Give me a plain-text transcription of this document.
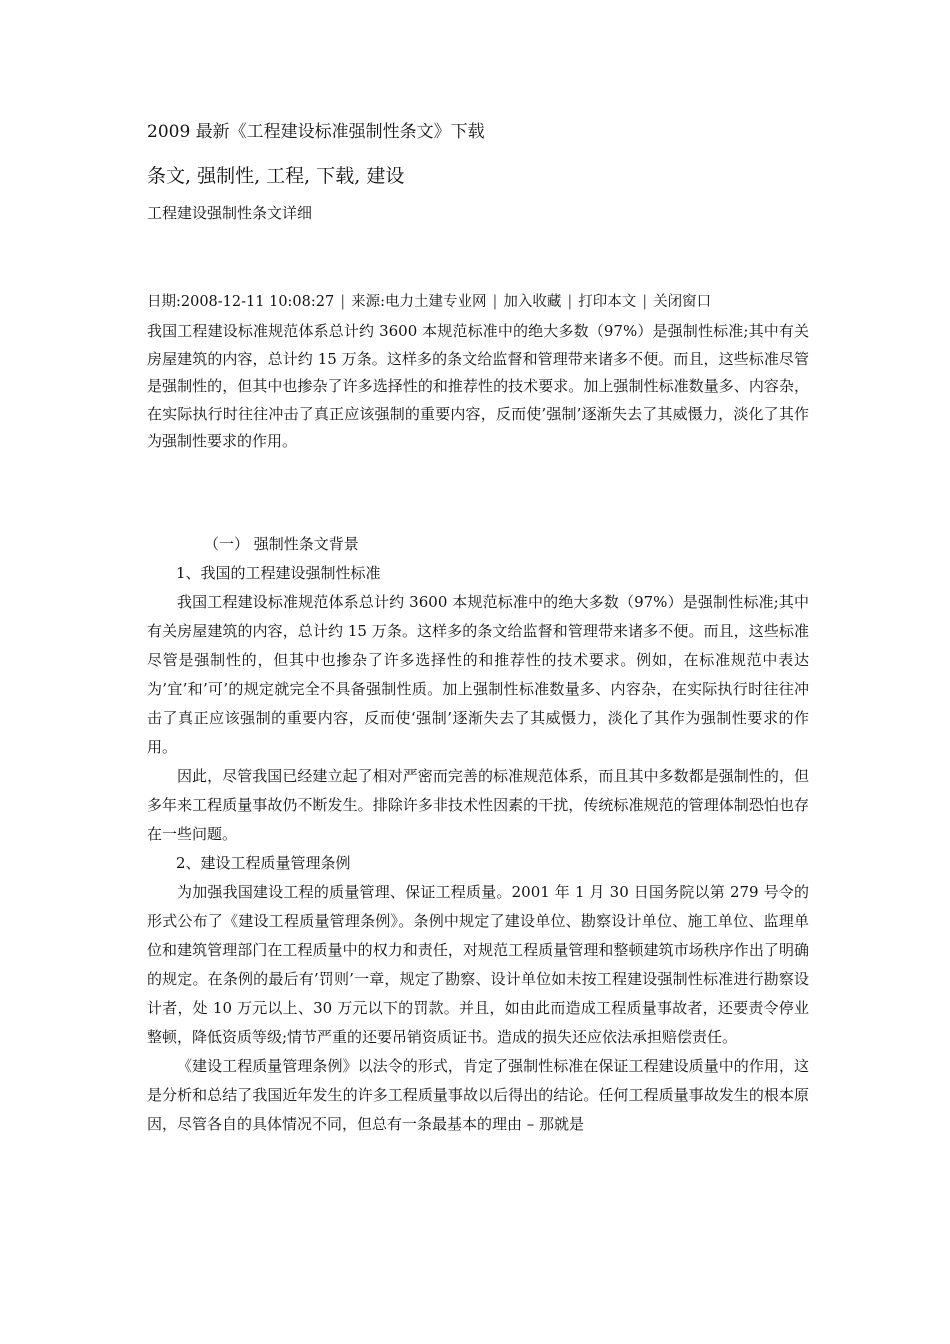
2009 最新《工程建设标准强制性条文》下载
条文, 强制性, 工程, 下载, 建设
工程建设强制性条文详细
日期:2008-12-11 10:08:27 | 来源:电力土建专业网 | 加入收藏 | 打印本文 | 关闭窗口

我国工程建设标准规范体系总计约 3600 本规范标准中的绝大多数（97%）是强制性标准;其中有关房屋建筑的内容，总计约 15 万条。这样多的条文给监督和管理带来诸多不便。而且，这些标准尽管是强制性的，但其中也掺杂了许多选择性的和推荐性的技术要求。加上强制性标准数量多、内容杂，在实际执行时往往冲击了真正应该强制的重要内容，反而使’强制’逐渐失去了其威慑力，淡化了其作为强制性要求的作用。

（一） 强制性条文背景

1、我国的工程建设强制性标准

我国工程建设标准规范体系总计约 3600 本规范标准中的绝大多数（97%）是强制性标准;其中有关房屋建筑的内容，总计约 15 万条。这样多的条文给监督和管理带来诸多不便。而且，这些标准尽管是强制性的，但其中也掺杂了许多选择性的和推荐性的技术要求。例如，在标准规范中表达为’宜’和’可’的规定就完全不具备强制性质。加上强制性标准数量多、内容杂，在实际执行时往往冲击了真正应该强制的重要内容，反而使‘强制’逐渐失去了其威慑力，淡化了其作为强制性要求的作用。

因此，尽管我国已经建立起了相对严密而完善的标准规范体系，而且其中多数都是强制性的，但多年来工程质量事故仍不断发生。排除许多非技术性因素的干扰，传统标准规范的管理体制恐怕也存在一些问题。

2、建设工程质量管理条例

为加强我国建设工程的质量管理、保证工程质量。2001 年 1 月 30 日国务院以第 279 号令的形式公布了《建设工程质量管理条例》。条例中规定了建设单位、勘察设计单位、施工单位、监理单位和建筑管理部门在工程质量中的权力和责任，对规范工程质量管理和整顿建筑市场秩序作出了明确的规定。在条例的最后有’罚则’一章，规定了勘察、设计单位如未按工程建设强制性标准进行勘察设计者，处 10 万元以上、30 万元以下的罚款。并且，如由此而造成工程质量事故者，还要责令停业整顿，降低资质等级;情节严重的还要吊销资质证书。造成的损失还应依法承担赔偿责任。

《建设工程质量管理条例》以法令的形式，肯定了强制性标准在保证工程建设质量中的作用，这是分析和总结了我国近年发生的许多工程质量事故以后得出的结论。任何工程质量事故发生的根本原因，尽管各自的具体情况不同，但总有一条最基本的理由 – 那就是
